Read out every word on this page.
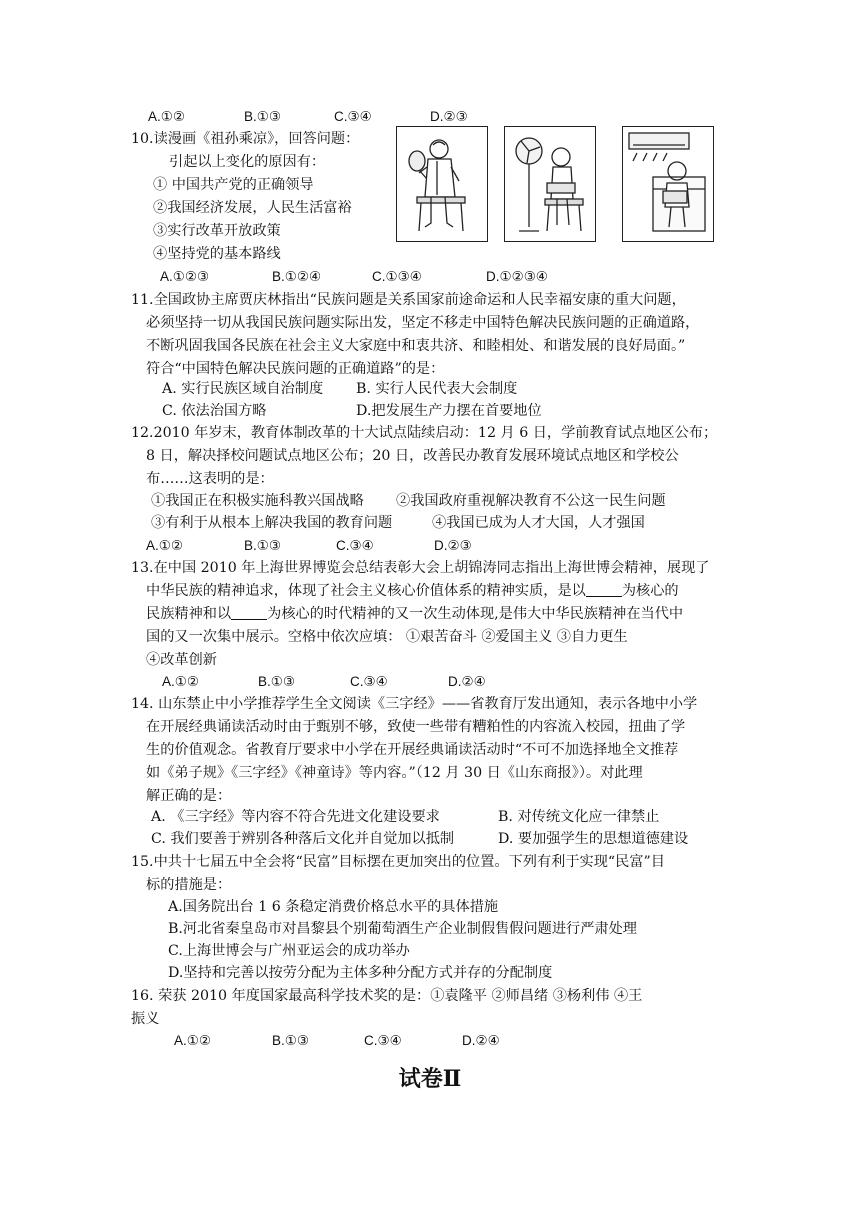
A.①②	B.①③	C.③④	D.②③
10.读漫画《祖孙乘凉》，回答问题：
引起以上变化的原因有：
① 中国共产党的正确领导
②我国经济发展，人民生活富裕
③实行改革开放政策
④坚持党的基本路线
A.①②③	B.①②④	C.①③④	D.①②③④
11.全国政协主席贾庆林指出“民族问题是关系国家前途命运和人民幸福安康的重大问题，
必须坚持一切从我国民族问题实际出发，坚定不移走中国特色解决民族问题的正确道路，
不断巩固我国各民族在社会主义大家庭中和衷共济、和睦相处、和谐发展的良好局面。”
符合“中国特色解决民族问题的正确道路”的是：
A. 实行民族区域自治制度 B. 实行人民代表大会制度
C. 依法治国方略	D.把发展生产力摆在首要地位
12.2010 年岁末，教育体制改革的十大试点陆续启动：12 月 6 日，学前教育试点地区公布；
8 日，解决择校问题试点地区公布；20 日，改善民办教育发展环境试点地区和学校公
布……这表明的是：
①我国正在积极实施科教兴国战略 ②我国政府重视解决教育不公这一民生问题
③有利于从根本上解决我国的教育问题	④我国已成为人才大国，人才强国
A.①②	B.①③	C.③④	D.②③
13.在中国 2010 年上海世界博览会总结表彰大会上胡锦涛同志指出上海世博会精神，展现了
中华民族的精神追求，体现了社会主义核心价值体系的精神实质，是以	为核心的
民族精神和以	为核心的时代精神的又一次生动体现,是伟大中华民族精神在当代中
国的又一次集中展示。空格中依次应填： ①艰苦奋斗 ②爱国主义 ③自力更生
④改革创新
A.①②	B.①③	C.③④	D.②④
14. 山东禁止中小学推荐学生全文阅读《三字经》——省教育厅发出通知，表示各地中小学
在开展经典诵读活动时由于甄别不够，致使一些带有糟粕性的内容流入校园，扭曲了学
生的价值观念。省教育厅要求中小学在开展经典诵读活动时“不可不加选择地全文推荐
如《弟子规》《三字经》《神童诗》等内容。”（12 月 30 日《山东商报》）。对此理
解正确的是：
A. 《三字经》等内容不符合先进文化建设要求	B. 对传统文化应一律禁止
C. 我们要善于辨别各种落后文化并自觉加以抵制	D. 要加强学生的思想道德建设
15.中共十七届五中全会将“民富”目标摆在更加突出的位置。下列有利于实现“民富”目
标的措施是：
A.国务院出台 1 6 条稳定消费价格总水平的具体措施
B.河北省秦皇岛市对昌黎县个别葡萄酒生产企业制假售假问题进行严肃处理
C.上海世博会与广州亚运会的成功举办
D.坚持和完善以按劳分配为主体多种分配方式并存的分配制度
16. 荣获 2010 年度国家最高科学技术奖的是：①袁隆平 ②师昌绪 ③杨利伟 ④王
振义
A.①②	B.①③	C.③④	D.②④
试卷Ⅱ
